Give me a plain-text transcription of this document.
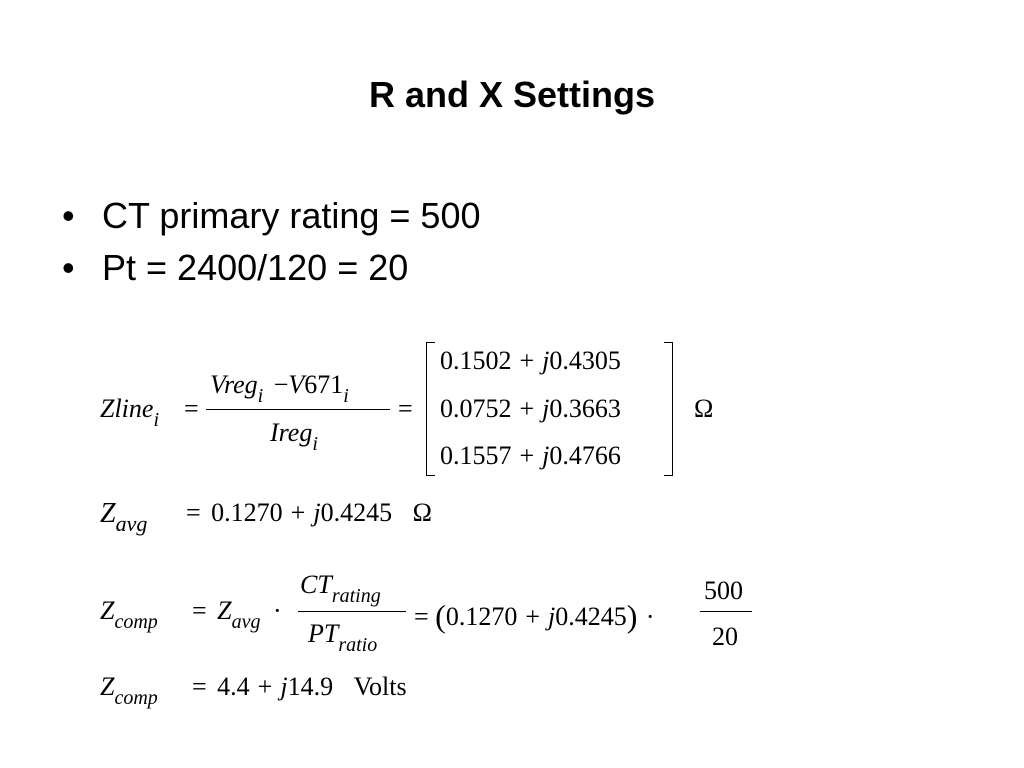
R and X Settings
• CT primary rating = 500
• Pt = 2400/120 = 20
Zline$_i$ =
Vreg$_i$ $-V671_i$
Ireg$_i$
=
0.1502 + j0.4305
0.0752 + j0.3663
0.1557 + j0.4766
Ω
$Z_{avg} = 0.1270 + j0.4245$ Ω
$Z_{comp} = Z_{avg}$ ·
$CT_{rating}$
$PT_{ratio}$
= (0.1270 + j0.4245) ·
500
20
$Z_{comp} = 4.4 + j14.9$ Volts
